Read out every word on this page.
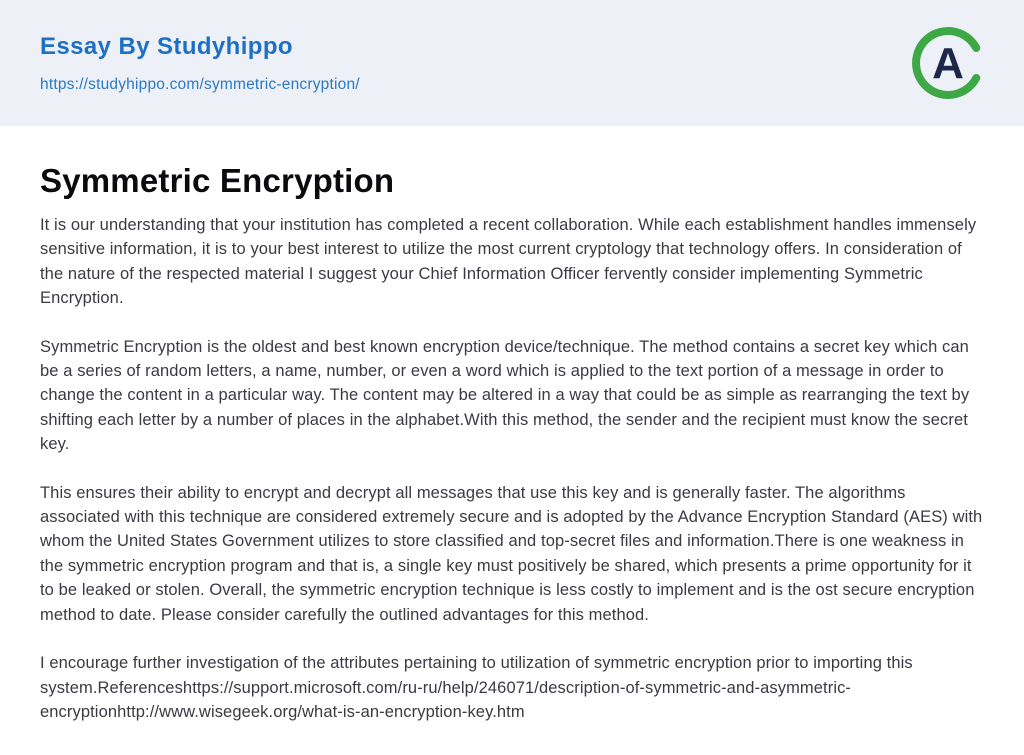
Essay By Studyhippo
https://studyhippo.com/symmetric-encryption/	A
Symmetric Encryption

It is our understanding that your institution has completed a recent collaboration. While each establishment handles immensely sensitive information, it is to your best interest to utilize the most current cryptology that technology offers. In consideration of the nature of the respected material I suggest your Chief Information Officer fervently consider implementing Symmetric Encryption.

Symmetric Encryption is the oldest and best known encryption device/technique. The method contains a secret key which can be a series of random letters, a name, number, or even a word which is applied to the text portion of a message in order to change the content in a particular way. The content may be altered in a way that could be as simple as rearranging the text by shifting each letter by a number of places in the alphabet.With this method, the sender and the recipient must know the secret key.

This ensures their ability to encrypt and decrypt all messages that use this key and is generally faster. The algorithms associated with this technique are considered extremely secure and is adopted by the Advance Encryption Standard (AES) with whom the United States Government utilizes to store classified and top-secret files and information.There is one weakness in the symmetric encryption program and that is, a single key must positively be shared, which presents a prime opportunity for it to be leaked or stolen. Overall, the symmetric encryption technique is less costly to implement and is the ost secure encryption method to date. Please consider carefully the outlined advantages for this method.

I encourage further investigation of the attributes pertaining to utilization of symmetric encryption prior to importing this system.Referenceshttps://support.microsoft.com/ru-ru/help/246071/description-of-symmetric-and-asymmetric-encryptionhttp://www.wisegeek.org/what-is-an-encryption-key.htm
